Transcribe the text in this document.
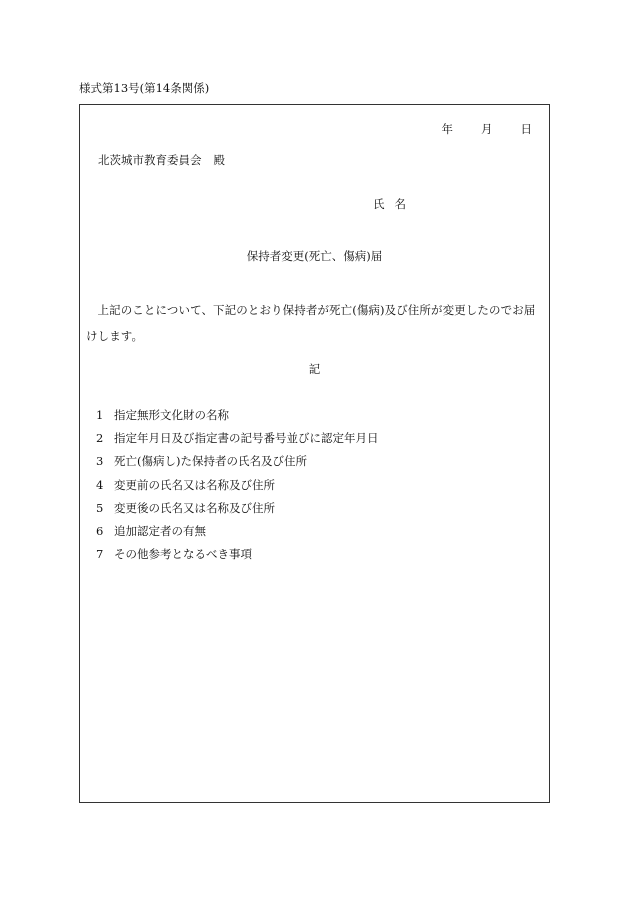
様式第13号(第14条関係)
年 月 日
北茨城市教育委員会 殿
氏 名
保持者変更(死亡、傷病)届
上記のことについて、下記のとおり保持者が死亡(傷病)及び住所が変更したのでお届けします。
記
1 指定無形文化財の名称
2 指定年月日及び指定書の記号番号並びに認定年月日
3 死亡(傷病し)た保持者の氏名及び住所
4 変更前の氏名又は名称及び住所
5 変更後の氏名又は名称及び住所
6 追加認定者の有無
7 その他参考となるべき事項
